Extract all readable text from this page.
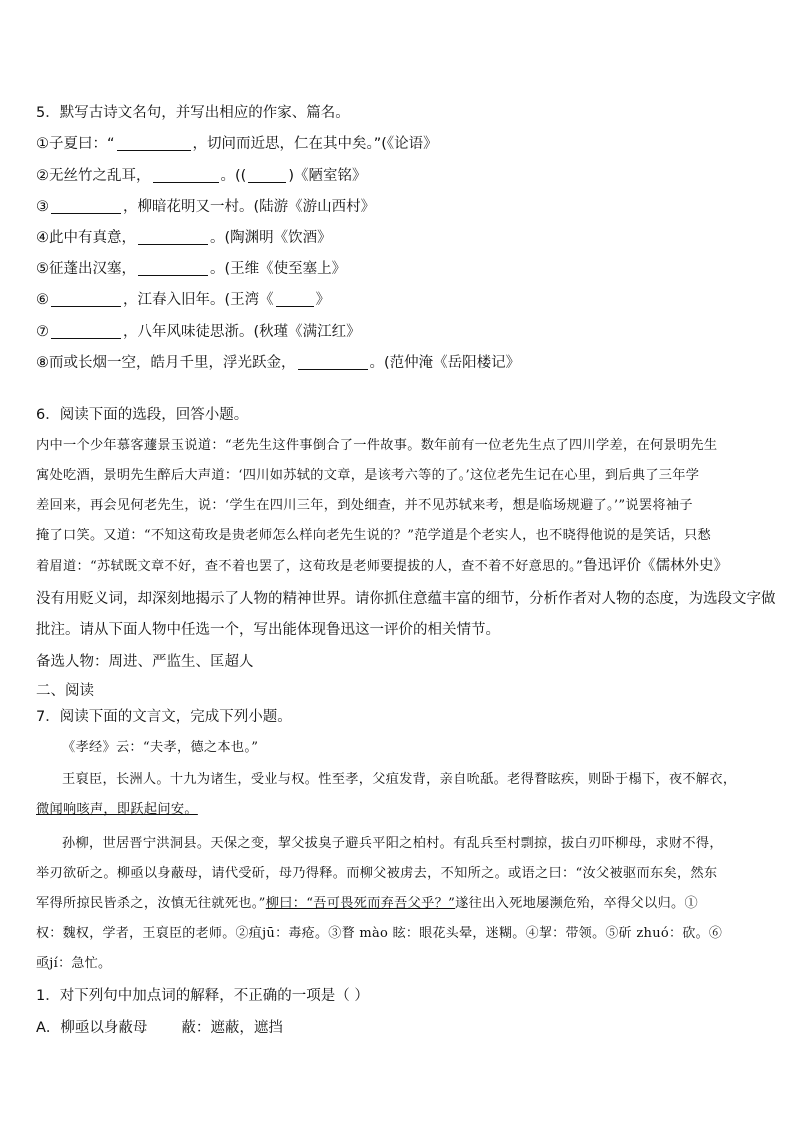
5．默写古诗文名句，并写出相应的作家、篇名。
①子夏曰：“	，切问而近思，仁在其中矣。”(《论语》
②无丝竹之乱耳，	。((	)《陋室铭》
③	，柳暗花明又一村。(陆游《游山西村》
④此中有真意，	。(陶渊明《饮酒》
⑤征蓬出汉塞，	。(王维《使至塞上》
⑥	，江春入旧年。(王湾《	》
⑦	，八年风味徒思浙。(秋瑾《满江红》
⑧而或长烟一空，皓月千里，浮光跃金，	。(范仲淹《岳阳楼记》
6．阅读下面的选段，回答小题。
内中一个少年慕客蘧景玉说道：“老先生这件事倒合了一件故事。数年前有一位老先生点了四川学差，在何景明先生
寓处吃酒，景明先生醉后大声道：‘四川如苏轼的文章，是该考六等的了。’这位老先生记在心里，到后典了三年学
差回来，再会见何老先生，说：‘学生在四川三年，到处细查，并不见苏轼来考，想是临场规避了。’”说罢将袖子
掩了口笑。又道：“不知这荀玫是贵老师怎么样向老先生说的？”范学道是个老实人，也不晓得他说的是笑话，只愁
着眉道：“苏轼既文章不好，查不着也罢了，这荀玫是老师要提拔的人，查不着不好意思的。”鲁迅评价《儒林外史》
没有用贬义词，却深刻地揭示了人物的精神世界。请你抓住意蕴丰富的细节，分析作者对人物的态度，为选段文字做
批注。请从下面人物中任选一个，写出能体现鲁迅这一评价的相关情节。
备选人物：周进、严监生、匡超人
二、阅读
7．阅读下面的文言文，完成下列小题。
《孝经》云：“夫孝，德之本也。”
王裒臣，长洲人。十九为诸生，受业与权。性至孝，父疽发背，亲自吮舐。老得瞀眩疾，则卧于榻下，夜不解衣，
微闻响咳声，即跃起问安。
孙柳，世居晋宁洪洞县。天保之变，挈父拔臭子避兵平阳之柏村。有乱兵至村剽掠，拔白刃吓柳母，求财不得，
举刃欲斫之。柳亟以身蔽母，请代受斫，母乃得释。而柳父被虏去，不知所之。或语之曰：“汝父被驱而东矣，然东
军得所掠民皆杀之，汝慎无往就死也。”柳曰：“吾可畏死而弃吾父乎？”遂往出入死地屡濒危殆，卒得父以归。①
权：魏权，学者，王裒臣的老师。②疽jū：毒疮。③瞀 mào 眩：眼花头晕，迷糊。④挈：带领。⑤斫 zhuó：砍。⑥
亟jí：急忙。
1．对下列句中加点词的解释，不正确的一项是（ ）
A．柳亟以身蔽母 蔽：遮蔽，遮挡
